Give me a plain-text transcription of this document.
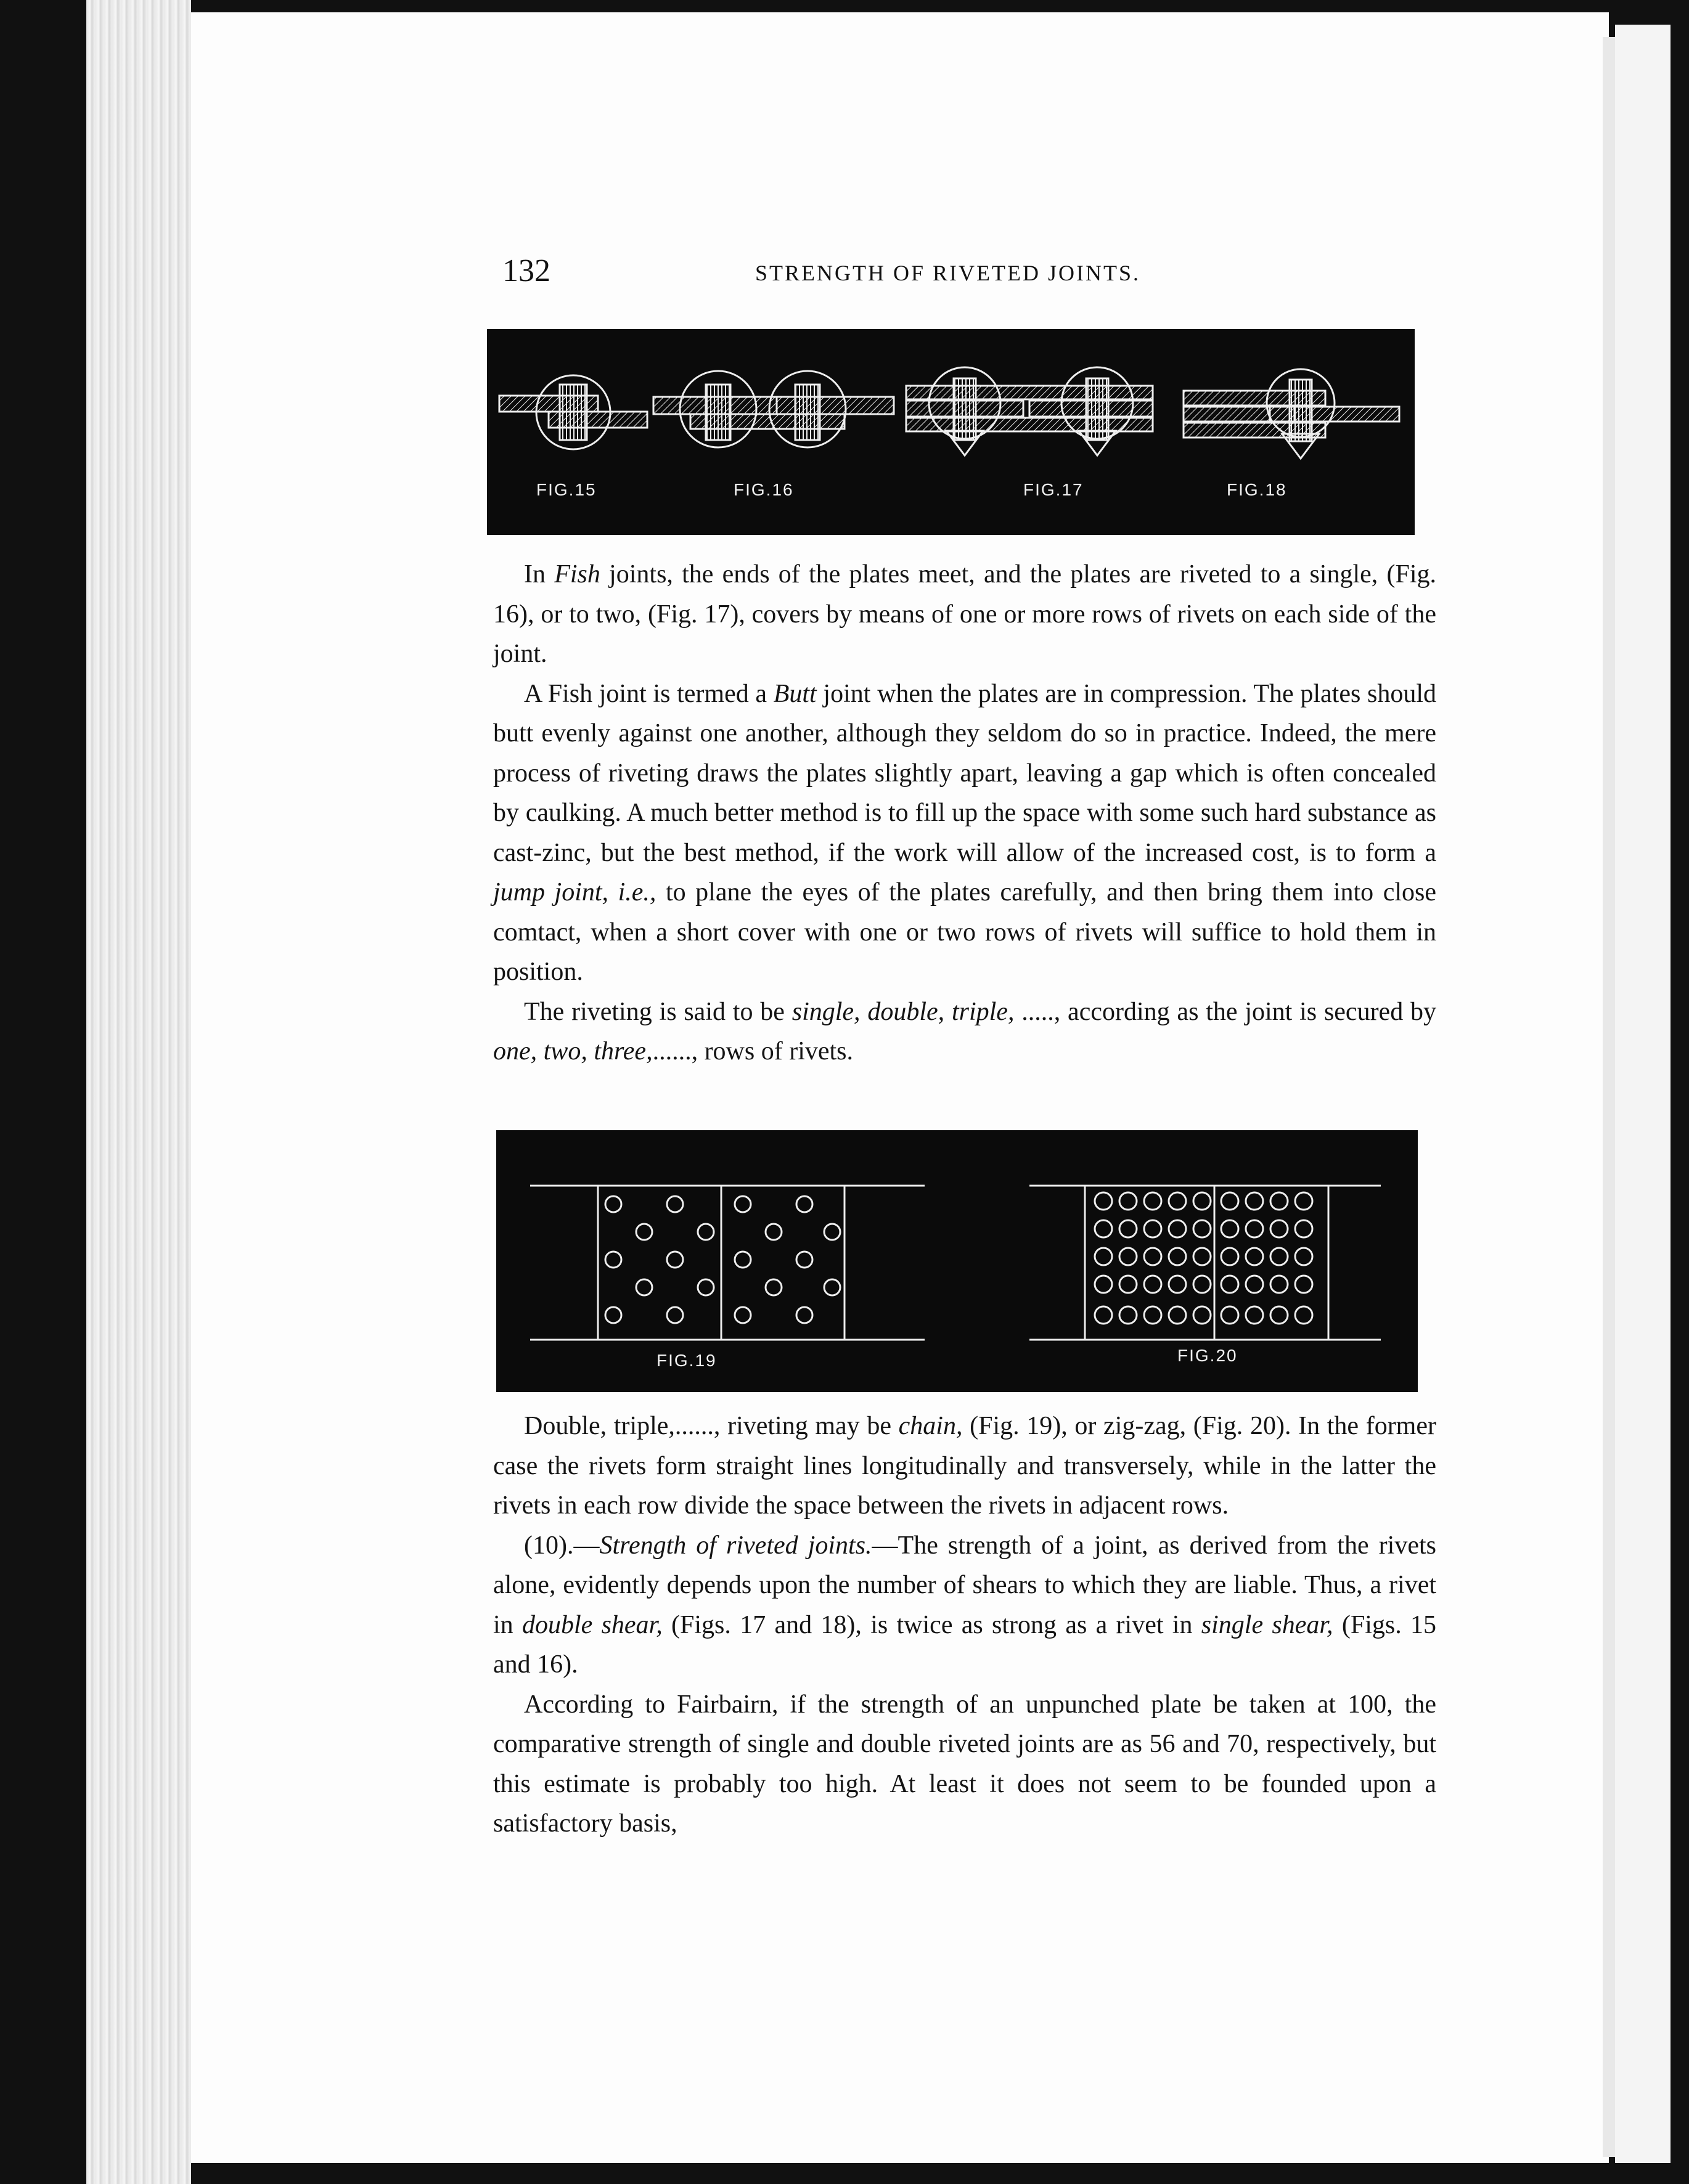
132	STRENGTH OF RIVETED JOINTS.
FIG.15	FIG.16	FIG.17	FIG.18

In Fish joints, the ends of the plates meet, and the plates are riveted to a single, (Fig. 16), or to two, (Fig. 17), covers by means of one or more rows of rivets on each side of the joint.

A Fish joint is termed a Butt joint when the plates are in compression. The plates should butt evenly against one another, although they seldom do so in practice. Indeed, the mere process of riveting draws the plates slightly apart, leaving a gap which is often concealed by caulking. A much better method is to fill up the space with some such hard substance as cast-zinc, but the best method, if the work will allow of the increased cost, is to form a jump joint, i.e., to plane the eyes of the plates carefully, and then bring them into close comtact, when a short cover with one or two rows of rivets will suffice to hold them in position.

The riveting is said to be single, double, triple, ....., according as the joint is secured by one, two, three,......, rows of rivets.

FIG.19	FIG.20

Double, triple,......, riveting may be chain, (Fig. 19), or zig-zag, (Fig. 20). In the former case the rivets form straight lines longitudinally and transversely, while in the latter the rivets in each row divide the space between the rivets in adjacent rows.

(10).—Strength of riveted joints.—The strength of a joint, as derived from the rivets alone, evidently depends upon the number of shears to which they are liable. Thus, a rivet in double shear, (Figs. 17 and 18), is twice as strong as a rivet in single shear, (Figs. 15 and 16).

According to Fairbairn, if the strength of an unpunched plate be taken at 100, the comparative strength of single and double riveted joints are as 56 and 70, respectively, but this estimate is probably too high. At least it does not seem to be founded upon a satisfactory basis,
